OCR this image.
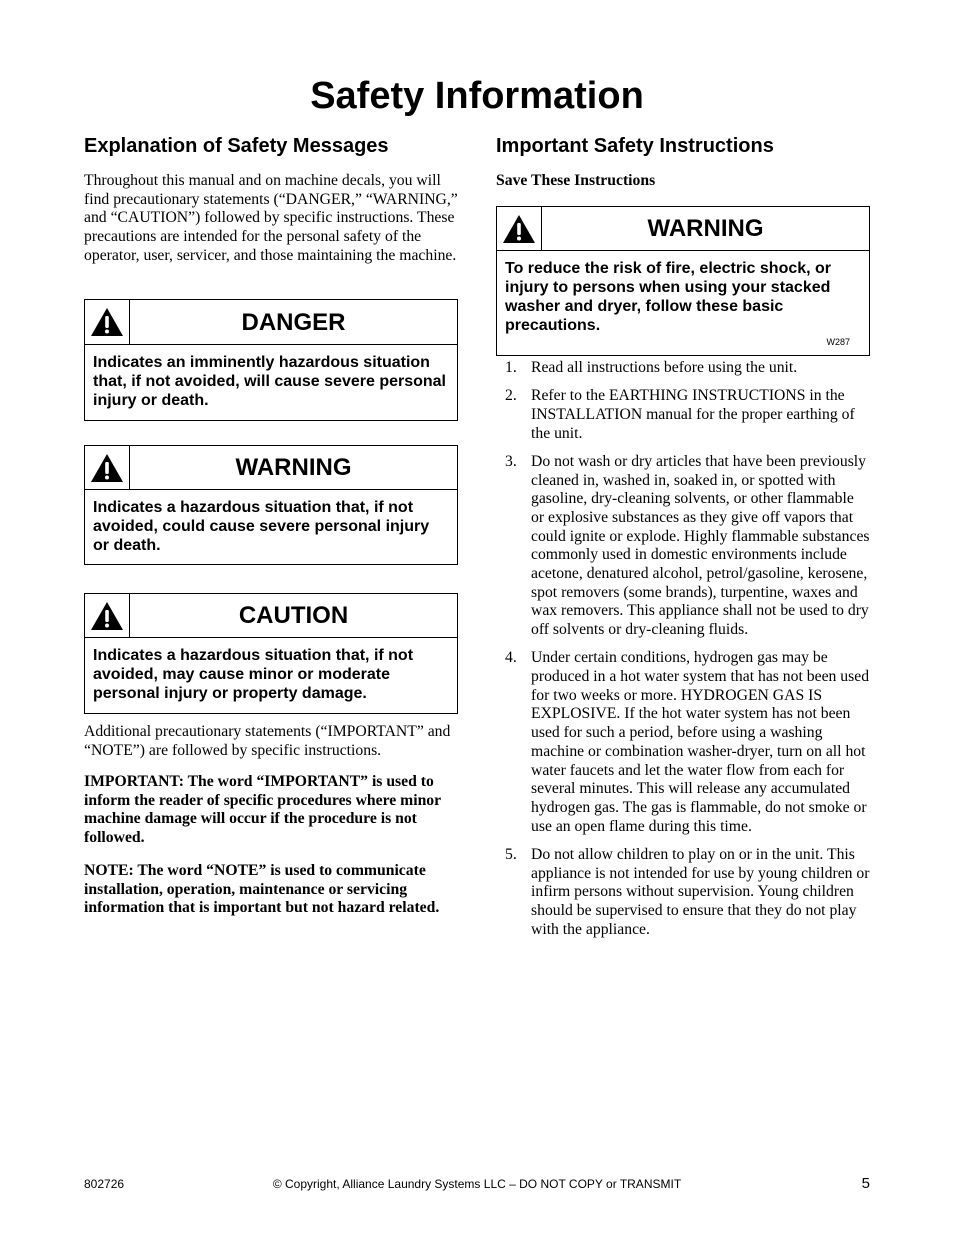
Safety Information
Explanation of Safety Messages

Throughout this manual and on machine decals, you will find precautionary statements (“DANGER,” “WARNING,” and “CAUTION”) followed by specific instructions. These precautions are intended for the personal safety of the operator, user, servicer, and those maintaining the machine.

DANGER
Indicates an imminently hazardous situation that, if not avoided, will cause severe personal injury or death.
WARNING
Indicates a hazardous situation that, if not avoided, could cause severe personal injury or death.
CAUTION
Indicates a hazardous situation that, if not avoided, may cause minor or moderate personal injury or property damage.

Additional precautionary statements (“IMPORTANT” and “NOTE”) are followed by specific instructions.

IMPORTANT: The word “IMPORTANT” is used to inform the reader of specific procedures where minor machine damage will occur if the procedure is not followed.

NOTE: The word “NOTE” is used to communicate installation, operation, maintenance or servicing information that is important but not hazard related.

Important Safety Instructions

Save These Instructions

WARNING
To reduce the risk of fire, electric shock, or injury to persons when using your stacked washer and dryer, follow these basic precautions.
W287
1. Read all instructions before using the unit.
2. Refer to the EARTHING INSTRUCTIONS in the INSTALLATION manual for the proper earthing of the unit.
3. Do not wash or dry articles that have been previously cleaned in, washed in, soaked in, or spotted with gasoline, dry-cleaning solvents, or other flammable or explosive substances as they give off vapors that could ignite or explode. Highly flammable substances commonly used in domestic environments include acetone, denatured alcohol, petrol/gasoline, kerosene, spot removers (some brands), turpentine, waxes and wax removers. This appliance shall not be used to dry off solvents or dry-cleaning fluids.
4. Under certain conditions, hydrogen gas may be produced in a hot water system that has not been used for two weeks or more. HYDROGEN GAS IS EXPLOSIVE. If the hot water system has not been used for such a period, before using a washing machine or combination washer-dryer, turn on all hot water faucets and let the water flow from each for several minutes. This will release any accumulated hydrogen gas. The gas is flammable, do not smoke or use an open flame during this time.
5. Do not allow children to play on or in the unit. This appliance is not intended for use by young children or infirm persons without supervision. Young children should be supervised to ensure that they do not play with the appliance.
802726	© Copyright, Alliance Laundry Systems LLC – DO NOT COPY or TRANSMIT	5
